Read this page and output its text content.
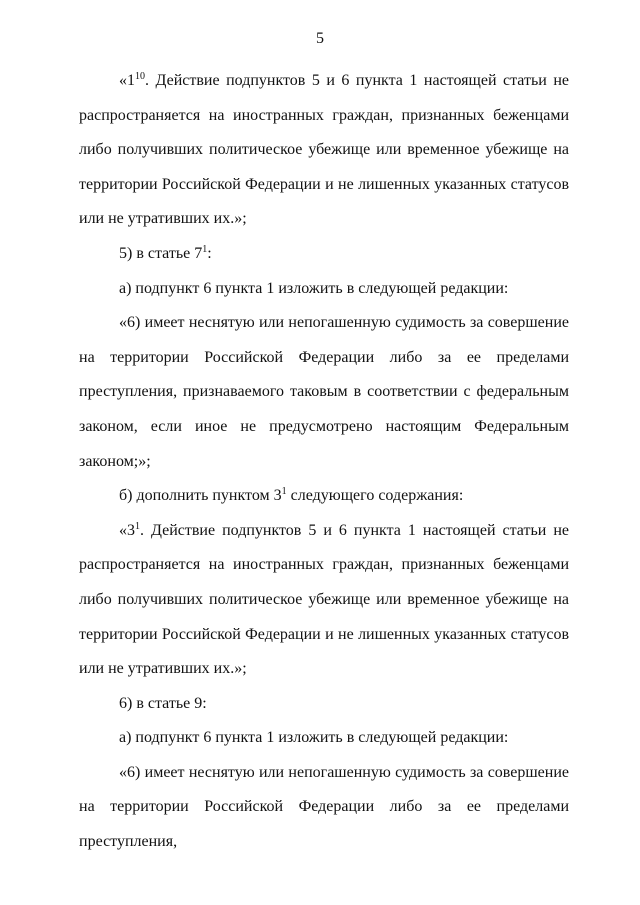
5

«$1^{10}$. Действие подпунктов 5 и 6 пункта 1 настоящей статьи не распространяется на иностранных граждан, признанных беженцами либо получивших политическое убежище или временное убежище на территории Российской Федерации и не лишенных указанных статусов или не утративших их.»;

5) в статье $7^1$:

а) подпункт 6 пункта 1 изложить в следующей редакции:

«6) имеет неснятую или непогашенную судимость за совершение на территории Российской Федерации либо за ее пределами преступления, признаваемого таковым в соответствии с федеральным законом, если иное не предусмотрено настоящим Федеральным законом;»;

б) дополнить пунктом $3^1$ следующего содержания:

«$3^1$. Действие подпунктов 5 и 6 пункта 1 настоящей статьи не распространяется на иностранных граждан, признанных беженцами либо получивших политическое убежище или временное убежище на территории Российской Федерации и не лишенных указанных статусов или не утративших их.»;

6) в статье 9:

а) подпункт 6 пункта 1 изложить в следующей редакции:

«6) имеет неснятую или непогашенную судимость за совершение на территории Российской Федерации либо за ее пределами преступления,
